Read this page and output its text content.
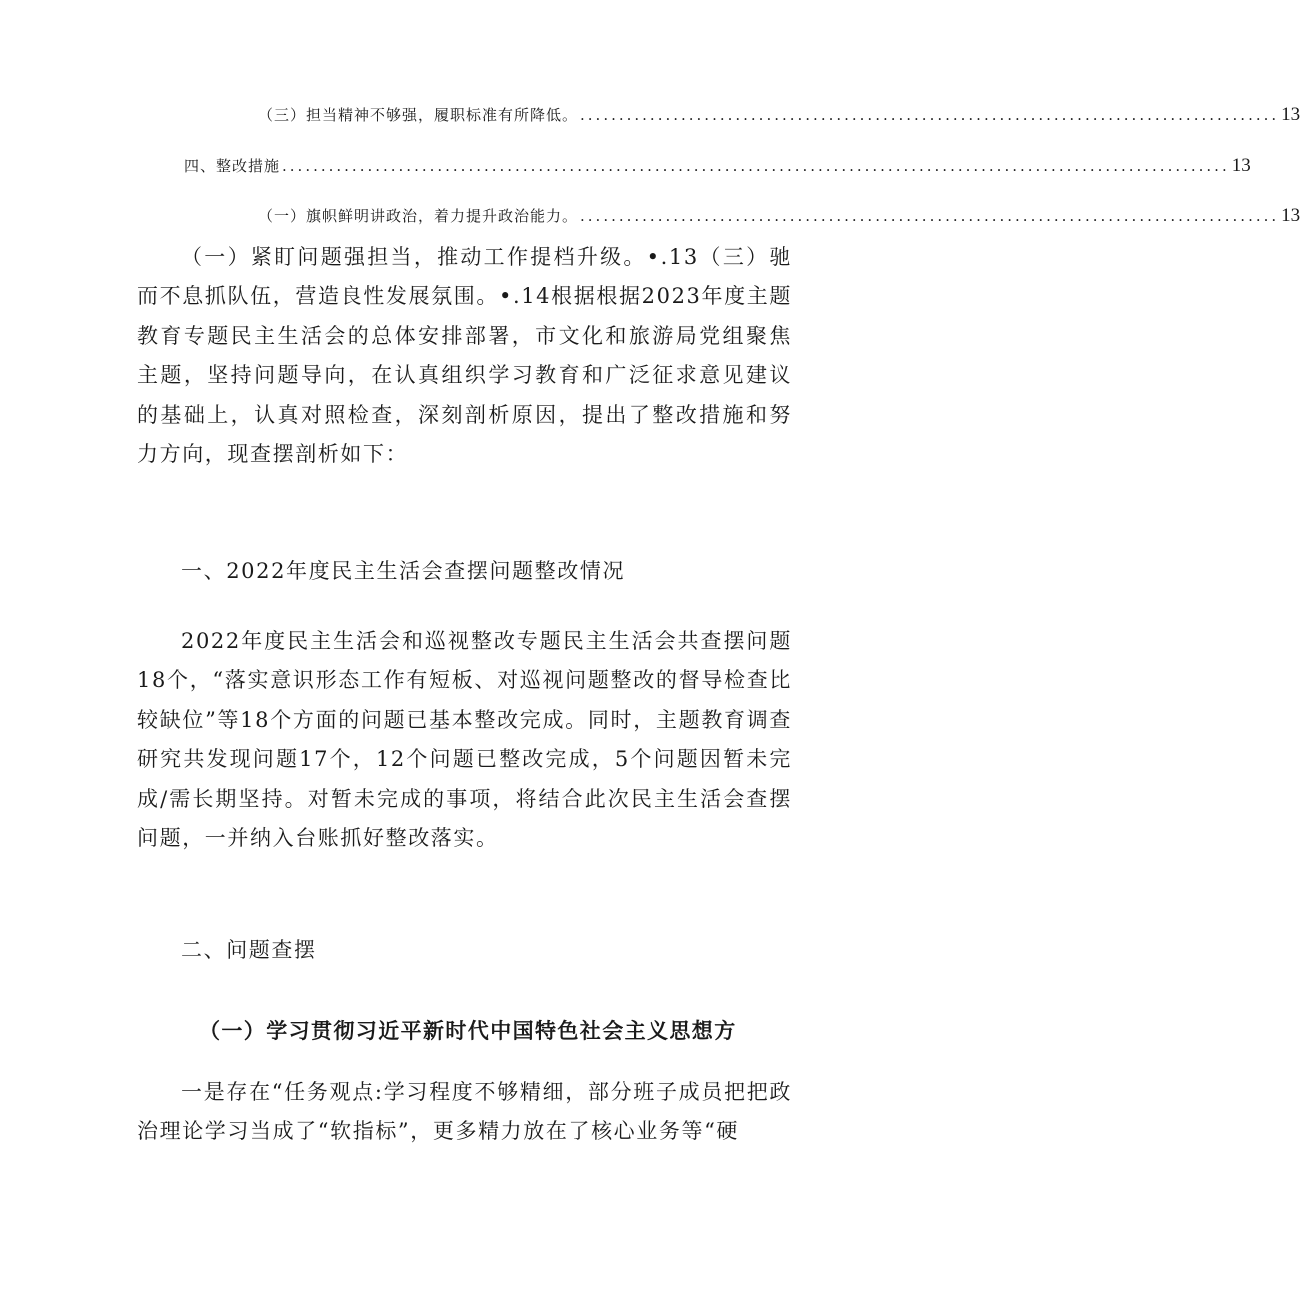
（三）担当精神不够强，履职标准有所降低。 .......................................................................................... 13
四、整改措施 .......................................................................................................................... 13
（一）旗帜鲜明讲政治，着力提升政治能力。 .......................................................................................... 13

（一）紧盯问题强担当，推动工作提档升级。•.13（三）驰而不息抓队伍，营造良性发展氛围。•.14根据根据2023年度主题教育专题民主生活会的总体安排部署，市文化和旅游局党组聚焦主题，坚持问题导向，在认真组织学习教育和广泛征求意见建议的基础上，认真对照检查，深刻剖析原因，提出了整改措施和努力方向，现查摆剖析如下：

一、2022年度民主生活会查摆问题整改情况

2022年度民主生活会和巡视整改专题民主生活会共查摆问题18个，“落实意识形态工作有短板、对巡视问题整改的督导检查比较缺位”等18个方面的问题已基本整改完成。同时，主题教育调查研究共发现问题17个，12个问题已整改完成，5个问题因暂未完成/需长期坚持。对暂未完成的事项，将结合此次民主生活会查摆问题，一并纳入台账抓好整改落实。

二、问题查摆

（一）学习贯彻习近平新时代中国特色社会主义思想方

一是存在“任务观点:学习程度不够精细，部分班子成员把把政治理论学习当成了“软指标”，更多精力放在了核心业务等“硬
